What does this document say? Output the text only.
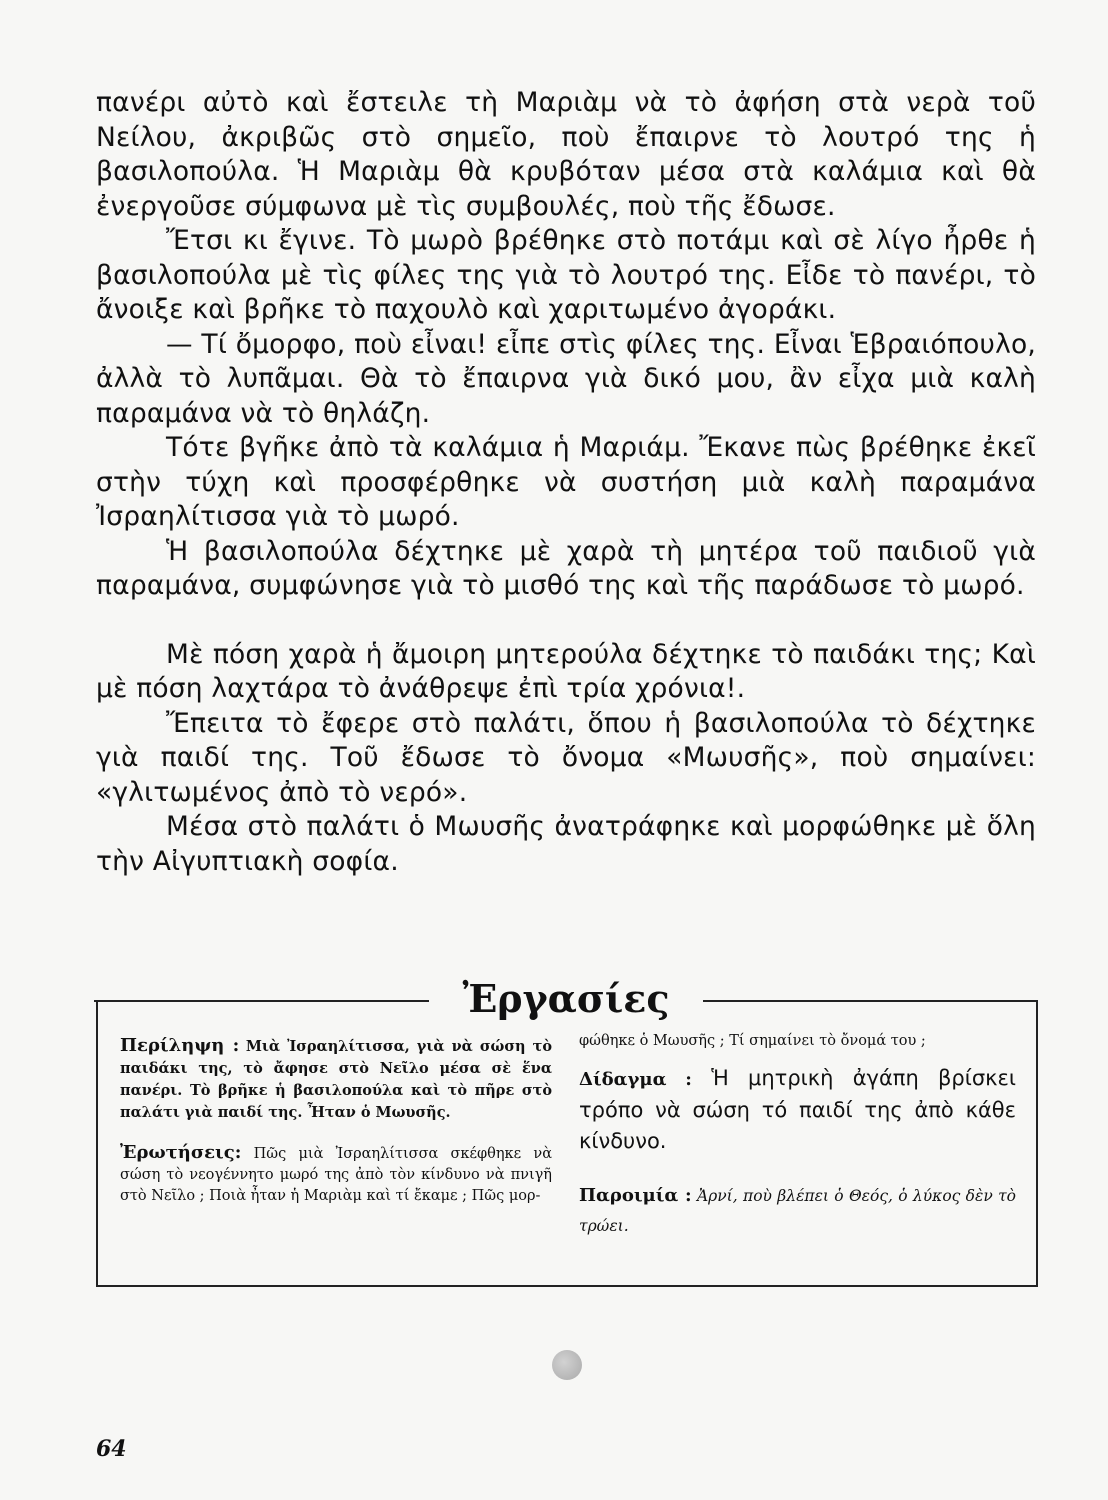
πανέρι αὐτὸ καὶ ἔστειλε τὴ Μαριὰμ νὰ τὸ ἀφήση στὰ νερὰ τοῦ Νείλου, ἀκριβῶς στὸ σημεῖο, ποὺ ἔπαιρνε τὸ λουτρό της ἡ βασιλοπούλα. Ἡ Μαριὰμ θὰ κρυβόταν μέσα στὰ καλάμια καὶ θὰ ἐνεργοῦσε σύμφωνα μὲ τὶς συμβουλές, ποὺ τῆς ἔδωσε.

Ἔτσι κι ἔγινε. Τὸ μωρὸ βρέθηκε στὸ ποτάμι καὶ σὲ λίγο ἦρθε ἡ βασιλοπούλα μὲ τὶς φίλες της γιὰ τὸ λουτρό της. Εἶδε τὸ πανέρι, τὸ ἄνοιξε καὶ βρῆκε τὸ παχουλὸ καὶ χαριτωμένο ἀγοράκι.

— Τί ὄμορφο, ποὺ εἶναι! εἶπε στὶς φίλες της. Εἶναι Ἑβραιόπουλο, ἀλλὰ τὸ λυπᾶμαι. Θὰ τὸ ἔπαιρνα γιὰ δικό μου, ἂν εἶχα μιὰ καλὴ παραμάνα νὰ τὸ θηλάζη.

Τότε βγῆκε ἀπὸ τὰ καλάμια ἡ Μαριάμ. Ἔκανε πὼς βρέθηκε ἐκεῖ στὴν τύχη καὶ προσφέρθηκε νὰ συστήση μιὰ καλὴ παραμάνα Ἰσραηλίτισσα γιὰ τὸ μωρό.

Ἡ βασιλοπούλα δέχτηκε μὲ χαρὰ τὴ μητέρα τοῦ παιδιοῦ γιὰ παραμάνα, συμφώνησε γιὰ τὸ μισθό της καὶ τῆς παράδωσε τὸ μωρό.

Μὲ πόση χαρὰ ἡ ἄμοιρη μητερούλα δέχτηκε τὸ παιδάκι της; Καὶ μὲ πόση λαχτάρα τὸ ἀνάθρεψε ἐπὶ τρία χρόνια!.

Ἔπειτα τὸ ἔφερε στὸ παλάτι, ὅπου ἡ βασιλοπούλα τὸ δέχτηκε γιὰ παιδί της. Τοῦ ἔδωσε τὸ ὄνομα «Μωυσῆς», ποὺ σημαίνει: «γλιτωμένος ἀπὸ τὸ νερό».

Μέσα στὸ παλάτι ὁ Μωυσῆς ἀνατράφηκε καὶ μορφώθηκε μὲ ὅλη τὴν Αἰγυπτιακὴ σοφία.

Ἐργασίες

Περίληψη : Μιὰ Ἰσραηλίτισσα, γιὰ νὰ σώση τὸ παιδάκι της, τὸ ἄφησε στὸ Νεῖλο μέσα σὲ ἕνα πανέρι. Τὸ βρῆκε ἡ βασιλοπούλα καὶ τὸ πῆρε στὸ παλάτι γιὰ παιδί της. Ἦταν ὁ Μωυσῆς.

Ἐρωτήσεις: Πῶς μιὰ Ἰσραηλίτισσα σκέφθηκε νὰ σώση τὸ νεογέννητο μωρό της ἀπὸ τὸν κίνδυνο νὰ πνιγῆ στὸ Νεῖλο ; Ποιὰ ἦταν ἡ Μαριὰμ καὶ τί ἔκαμε ; Πῶς μορ-

φώθηκε ὁ Μωυσῆς ; Τί σημαίνει τὸ ὄνομά του ;

Δίδαγμα : Ἡ μητρικὴ ἀγάπη βρίσκει τρόπο νὰ σώση τό παιδί της ἀπὸ κάθε κίνδυνο.

Παροιμία : Ἀρνί, ποὺ βλέπει ὁ Θεός, ὁ λύκος δὲν τὸ τρώει.

64
